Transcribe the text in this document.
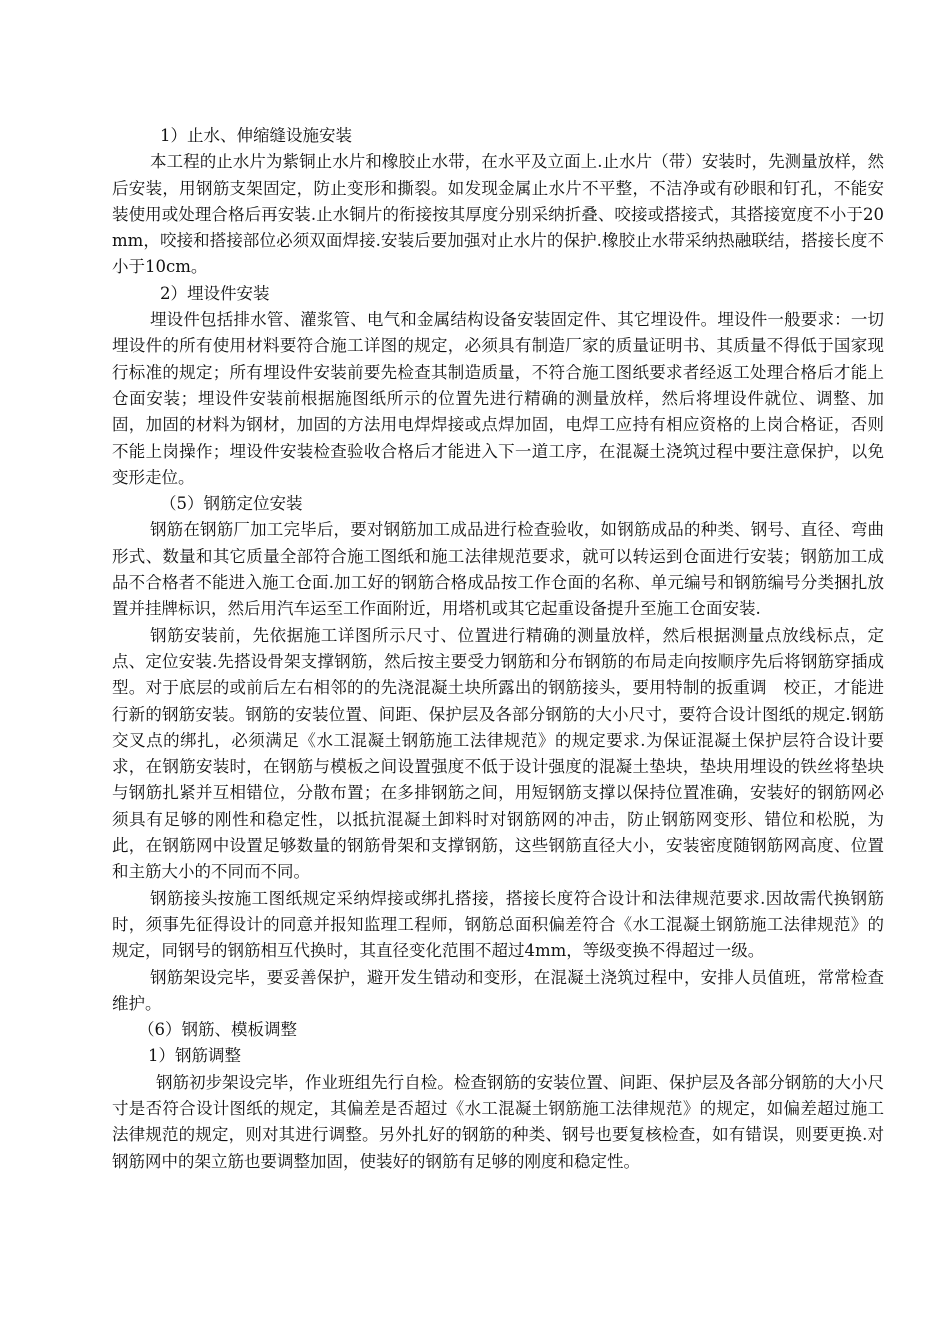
1）止水、伸缩缝设施安装

本工程的止水片为紫铜止水片和橡胶止水带，在水平及立面上.止水片（带）安装时，先测量放样，然后安装，用钢筋支架固定，防止变形和撕裂。如发现金属止水片不平整，不洁净或有砂眼和钉孔，不能安装使用或处理合格后再安装.止水铜片的衔接按其厚度分别采纳折叠、咬接或搭接式，其搭接宽度不小于20mm，咬接和搭接部位必须双面焊接.安装后要加强对止水片的保护.橡胶止水带采纳热融联结，搭接长度不小于10cm。

2）埋设件安装

埋设件包括排水管、灌浆管、电气和金属结构设备安装固定件、其它埋设件。埋设件一般要求：一切埋设件的所有使用材料要符合施工详图的规定，必须具有制造厂家的质量证明书、其质量不得低于国家现行标准的规定；所有埋设件安装前要先检查其制造质量，不符合施工图纸要求者经返工处理合格后才能上仓面安装；埋设件安装前根据施图纸所示的位置先进行精确的测量放样，然后将埋设件就位、调整、加固，加固的材料为钢材，加固的方法用电焊焊接或点焊加固，电焊工应持有相应资格的上岗合格证，否则不能上岗操作；埋设件安装检查验收合格后才能进入下一道工序，在混凝土浇筑过程中要注意保护，以免变形走位。

（5）钢筋定位安装

钢筋在钢筋厂加工完毕后，要对钢筋加工成品进行检查验收，如钢筋成品的种类、钢号、直径、弯曲形式、数量和其它质量全部符合施工图纸和施工法律规范要求，就可以转运到仓面进行安装；钢筋加工成品不合格者不能进入施工仓面.加工好的钢筋合格成品按工作仓面的名称、单元编号和钢筋编号分类捆扎放置并挂牌标识，然后用汽车运至工作面附近，用塔机或其它起重设备提升至施工仓面安装.

钢筋安装前，先依据施工详图所示尺寸、位置进行精确的测量放样，然后根据测量点放线标点，定点、定位安装.先搭设骨架支撑钢筋，然后按主要受力钢筋和分布钢筋的布局走向按顺序先后将钢筋穿插成型。对于底层的或前后左右相邻的的先浇混凝土块所露出的钢筋接头，要用特制的扳重调　校正，才能进行新的钢筋安装。钢筋的安装位置、间距、保护层及各部分钢筋的大小尺寸，要符合设计图纸的规定.钢筋交叉点的绑扎，必须满足《水工混凝土钢筋施工法律规范》的规定要求.为保证混凝土保护层符合设计要求，在钢筋安装时，在钢筋与模板之间设置强度不低于设计强度的混凝土垫块，垫块用埋设的铁丝将垫块与钢筋扎紧并互相错位，分散布置；在多排钢筋之间，用短钢筋支撑以保持位置准确，安装好的钢筋网必须具有足够的刚性和稳定性，以抵抗混凝土卸料时对钢筋网的冲击，防止钢筋网变形、错位和松脱，为此，在钢筋网中设置足够数量的钢筋骨架和支撑钢筋，这些钢筋直径大小，安装密度随钢筋网高度、位置和主筋大小的不同而不同。

钢筋接头按施工图纸规定采纳焊接或绑扎搭接，搭接长度符合设计和法律规范要求.因故需代换钢筋时，须事先征得设计的同意并报知监理工程师，钢筋总面积偏差符合《水工混凝土钢筋施工法律规范》的规定，同钢号的钢筋相互代换时，其直径变化范围不超过4mm，等级变换不得超过一级。

钢筋架设完毕，要妥善保护，避开发生错动和变形，在混凝土浇筑过程中，安排人员值班，常常检查维护。

（6）钢筋、模板调整

1）钢筋调整

钢筋初步架设完毕，作业班组先行自检。检查钢筋的安装位置、间距、保护层及各部分钢筋的大小尺寸是否符合设计图纸的规定，其偏差是否超过《水工混凝土钢筋施工法律规范》的规定，如偏差超过施工法律规范的规定，则对其进行调整。另外扎好的钢筋的种类、钢号也要复核检查，如有错误，则要更换.对钢筋网中的架立筋也要调整加固，使装好的钢筋有足够的刚度和稳定性。
